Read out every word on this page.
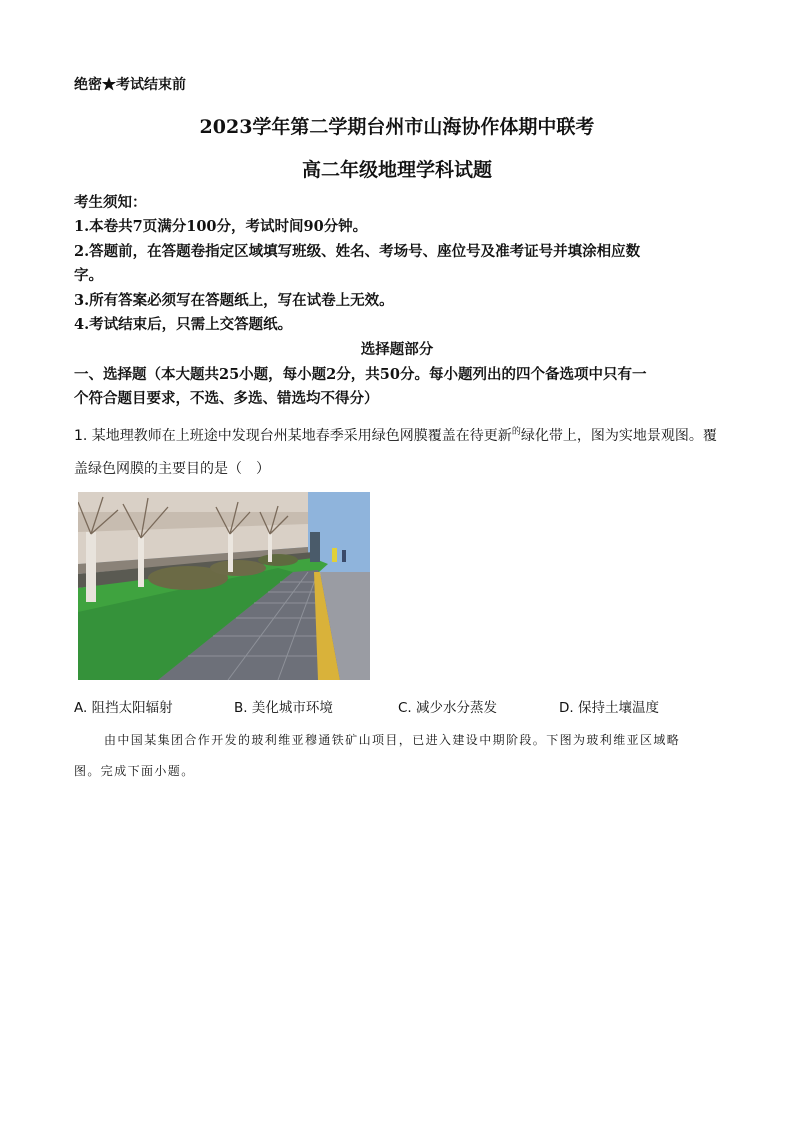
绝密★考试结束前

2023学年第二学期台州市山海协作体期中联考

高二年级地理学科试题

考生须知：

1.本卷共7页满分100分，考试时间90分钟。

2.答题前，在答题卷指定区域填写班级、姓名、考场号、座位号及准考证号并填涂相应数

字。

3.所有答案必须写在答题纸上，写在试卷上无效。

4.考试结束后，只需上交答题纸。

选择题部分

一、选择题（本大题共25小题，每小题2分，共50分。每小题列出的四个备选项中只有一

个符合题目要求，不选、多选、错选均不得分）

1. 某地理教师在上班途中发现台州某地春季采用绿色网膜覆盖在待更新$^的$绿化带上，图为实地景观图。覆

盖绿色网膜的主要目的是（　）

A. 阻挡太阳辐射	B. 美化城市环境	C. 减少水分蒸发	D. 保持土壤温度

由中国某集团合作开发的玻利维亚穆通铁矿山项目，已进入建设中期阶段。下图为玻利维亚区域略

图。完成下面小题。
